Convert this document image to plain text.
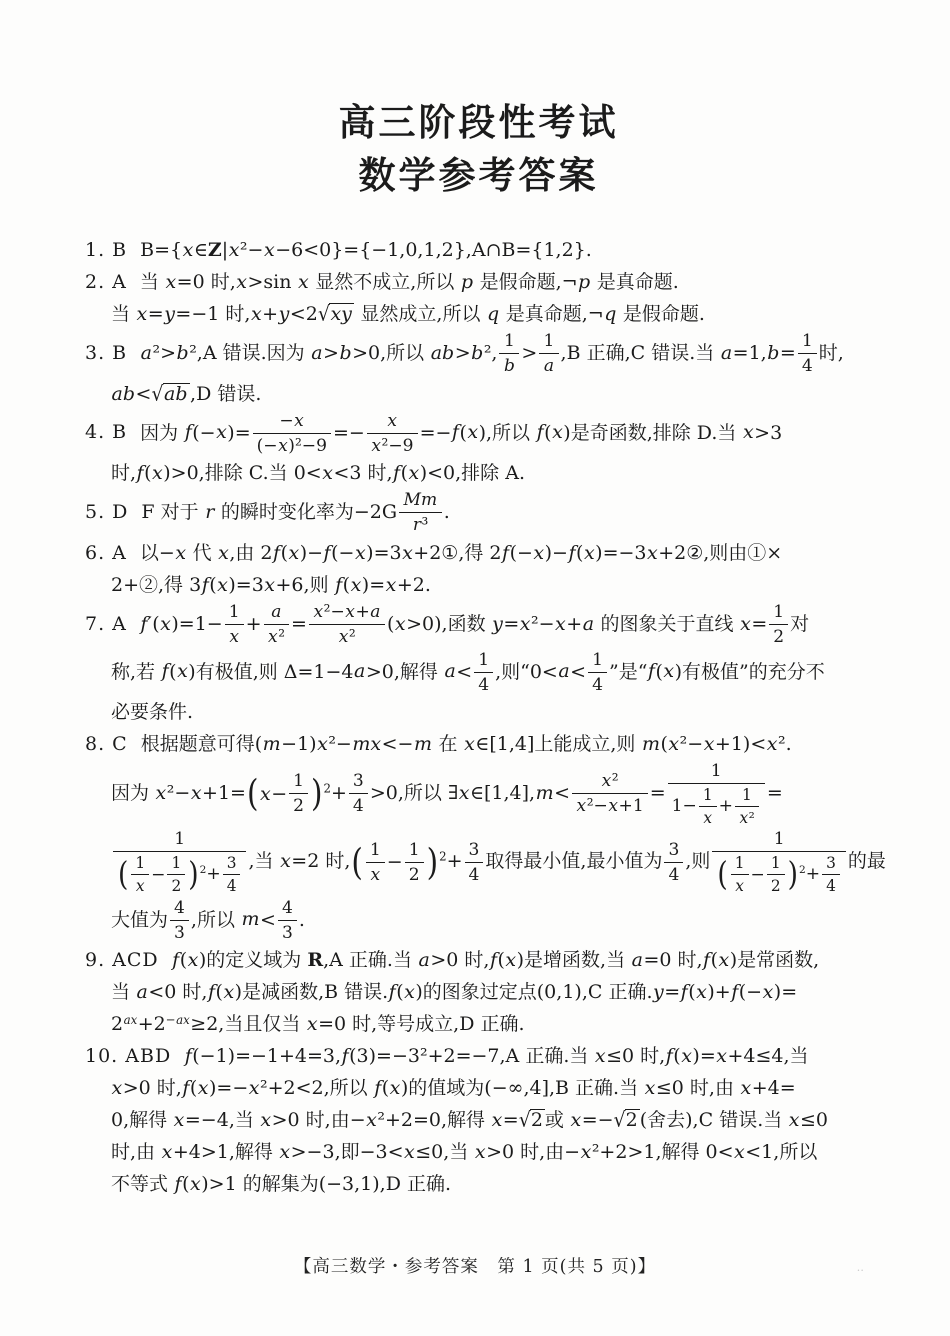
高三阶段性考试
数学参考答案
1. B B={x∈Z|x²−x−6<0}={−1,0,1,2},A∩B={1,2}.
2. A 当 x=0 时,x>sin x 显然不成立,所以 p 是假命题,¬p 是真命题.
当 x=y=−1 时,x+y<2√xy 显然成立,所以 q 是真命题,¬q 是假命题.
3. B a²>b²,A 错误.因为 a>b>0,所以 ab>b², $\frac{1}{b} > \frac{1}{a} ,B$ 正确,C 错误.当 $a=1,b= \frac{1}{4}$ 时,
ab<√ab ,D 错误.
4. B 因为 $f(-x)= \frac{-x}{\text{(−x)²−9}} =- \frac{x}{\text{x²−9}} =-f(x)$,所以 f(x)是奇函数,排除 D.当 x>3
时,f(x)>0,排除 C.当 0<x<3 时,f(x)<0,排除 A.
5. D F 对于 r 的瞬时变化率为$-2G \frac{Mm}{\text{r³}}$ .
6. A 以−x 代 x,由 2f(x)−f(−x)=3x+2①,得 2f(−x)−f(x)=−3x+2②,则由①×
2+②,得 3f(x)=3x+6,则 f(x)=x+2.
7. A $f'(x)=1- \frac{1}{x} + \frac{a}{\text{x²}} = \frac{\text{x²−x+a}}{\text{x²}} (x>0)$,函数 y=x²−x+a 的图象关于直线 $x= \frac{1}{2}$ 对
称,若 f(x)有极值,则 Δ=1−4a>0,解得 $a< \frac{1}{4}$ ,则“$0<a< \frac{1}{4}$ ”是“f(x)有极值”的充分不
必要条件.
8. C 根据题意可得(m−1)x²−mx<−m 在 x∈[1,4]上能成立,则 m(x²−x+1)<x².
因为 x²−x+1= ( $x - \frac{1}{2}$ ) $^2+ \frac{3}{4} >0$,所以 ∃x∈[1,4],m< $\frac{\text{x²}}{\text{x²−x+1}} = \frac{1}{1- \frac{1}{x} + \frac{1}{\text{x²}}}$ =
$\frac{1}{( \frac{1}{x} - \frac{1}{2} ) ^2+ \frac{3}{4}}$ ,当 x=2 时, ( $\frac{1}{x} - \frac{1}{2}$ ) $^2+ \frac{3}{4}$ 取得最小值,最小值为 $\frac{3}{4}$ ,则 $\frac{1}{( \frac{1}{x} - \frac{1}{2} ) ^2+ \frac{3}{4}}$ 的最
大值为 $\frac{4}{3}$ ,所以 $m< \frac{4}{3}$ .
9. ACD f(x)的定义域为 R,A 正确.当 a>0 时,f(x)是增函数,当 a=0 时,f(x)是常函数,
当 a<0 时,f(x)是减函数,B 错误.f(x)的图象过定点(0,1),C 正确.y=f(x)+f(−x)=
$2^{ax}+2^{-ax}\ge 2$,当且仅当 x=0 时,等号成立,D 正确.
10. ABD f(−1)=−1+4=3,f(3)=−3²+2=−7,A 正确.当 x≤0 时,f(x)=x+4≤4,当
x>0 时,f(x)=−x²+2<2,所以 f(x)的值域为(−∞,4],B 正确.当 x≤0 时,由 x+4=
0,解得 x=−4,当 x>0 时,由−x²+2=0,解得 x=√2 或 x=−√2 (舍去),C 错误.当 x≤0
时,由 x+4>1,解得 x>−3,即−3<x≤0,当 x>0 时,由−x²+2>1,解得 0<x<1,所以
不等式 f(x)>1 的解集为(−3,1),D 正确.
【高三数学・参考答案　第 1 页(共 5 页)】	‥
